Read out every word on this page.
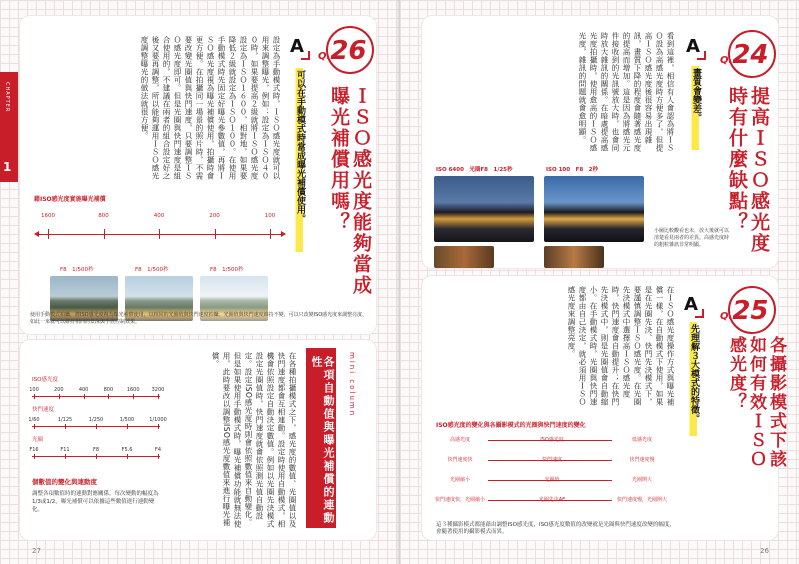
CHAPTER
1
Q.26
ＩＳＯ感光度能夠當成曝光補償用嗎？
A
可以在手動模式時當成曝光補償使用。
設定為手動模式時，ＩＳＯ感光度就可以用來調整曝光，例如：設定為ＩＳＯ４００時，如果要提高２級就將ＩＳＯ感光度設定為ＩＳＯ１６００，相對地，如果要降低２級就設定為ＩＳＯ１００。在使用手動模式時先固定好曝光參數值，再將ＩＳＯ感光度視為曝光補償使用，拍攝時會更方便。在拍攝同一場景的照片時，不需要改變光圈值與快門速度，只要調整ＩＳＯ感光度即可。但是光圈與快門速度是組合使用的，不建議在兩者的組合設定好之後又要再調整，所以能夠運用ＩＳＯ感光度調整曝光的做法就很方便。
藉ISO感光度實施曝光補償
1600	800	400	200	100
F8　1/500秒	F8　1/500秒	F8　1/500秒
使用手動模式拍攝，將ISO感光度視為曝光補償使用，以相同的光圈值與快門速度拍攝。光圈值與快門速度維持不變，可以只改變ISO感光度來調整亮度，如此一來就可以維持相同的景深與手震控制效果。
mini column
各項自動值與曝光補償的連動性
在各種拍攝模式之下，感光度的數值、光圈值以及快門速度都會互相連動。設定時使用自動模式，相機會依照設定自動決定數值。例如以光圈先決模式設定光圈值時，快門速度就會依照測光值自動設定。設定ISO感光度時則會依照數值來自動變化。但是如果使用手動模式時，曝光補償功能就無法使用，此時要改以調整ISO感光度數值來進行曝光補償。
ISO感光度
100	200	400	800	1600	3200
快門速度
1/60	1/125	1/250	1/500	1/1000
光圈
F16	F11	F8	F5.6	F4
個數值的變化與連動度
調整各項數值時的連動對應關係。每次變動的幅度為1/3或1/2，曝光補償可以依據這些數值進行連動變化。
27
Q.24
提高ＩＳＯ感光度時有什麼缺點？
A
畫質會變差。
看到這裡，相信有人會認為將ＩＳＯ設為高感光度時方便多了，但提高ＩＳＯ感光度後很容易出現雜訊，畫質下降的程度會隨著感光度的提高而增加。這是因為將感光元件接收到的光訊號放大時，也會同時放大雜訊的關係。在暗處提高感光度拍攝時，使用愈高的ＩＳＯ感光度，雜訊的問題就會愈明顯。
ISO 6400　光圈F8　1/25秒	ISO 100　F8　2秒
小圖比較觀看也未，放大後就可以清楚看見兩者的差異。高感光度時的粗粒雜訊非常明顯。
Q.25
各攝影模式下該如何有效ＩＳＯ感光度？
A
先理解３大模式的特徵。
在ＩＳＯ感光度操作方式與曝光補償一樣，在自動模式下使用，如果是在光圈先決、快門先決模式下，要謹慎調整ＩＳＯ感光度。在光圈先決模式中選擇高ＩＳＯ感光度時，快門速度會自動提升；在快門先決模式中，則是光圈值會自動縮小。在手動模式時，光圈與快門速度都由自己決定，就必須用ＩＳＯ感光度來調整亮度。
ISO感光度的變化與各攝影模式的光圈與快門速度的變化
高感光度	低感光度
快門速度快	快門速度慢
光圈縮小	光圈開大
快門速度快，光圈縮小	快門速度慢，光圈開大
這３種攝影模式都能藉由調整ISO感光度，ISO感光度數值的改變就是光圈與快門速度改變的幅度，會隨著使用的攝影模式而異。
26
